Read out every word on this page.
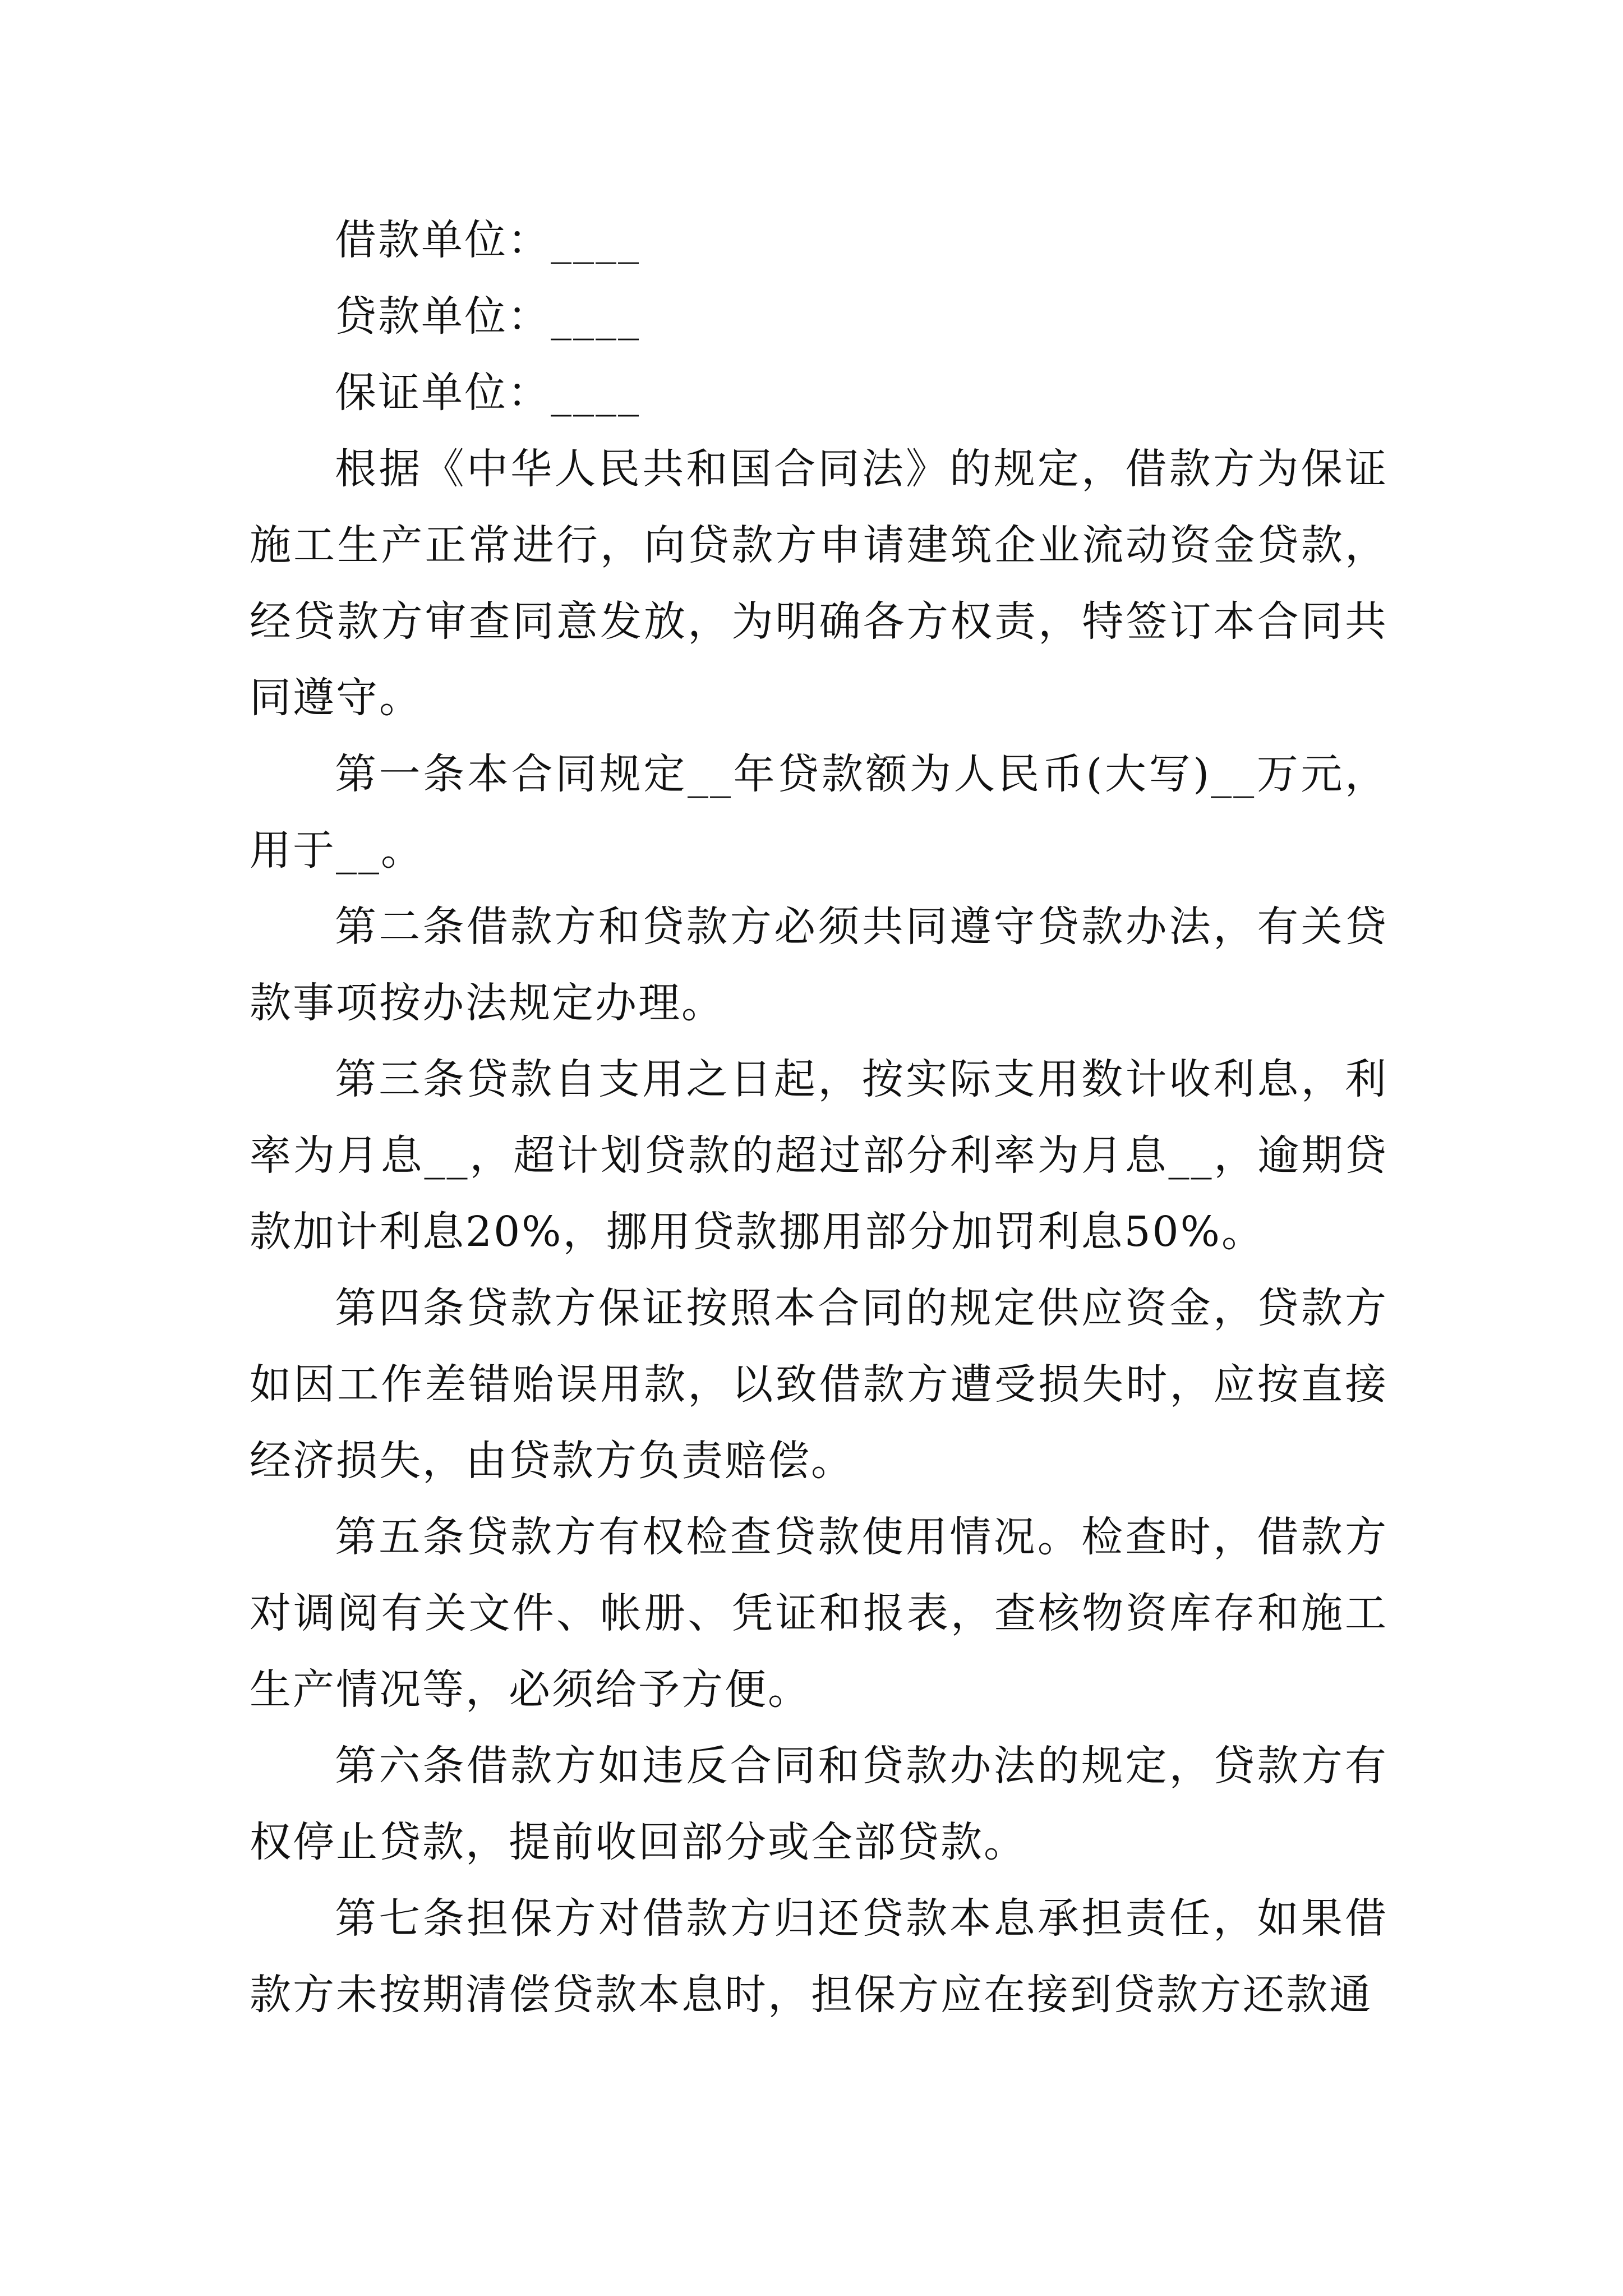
借款单位：____

贷款单位：____

保证单位：____

根据《中华人民共和国合同法》的规定，借款方为保证施工生产正常进行，向贷款方申请建筑企业流动资金贷款，经贷款方审查同意发放，为明确各方权责，特签订本合同共同遵守。

第一条本合同规定__年贷款额为人民币(大写)__万元，用于__。

第二条借款方和贷款方必须共同遵守贷款办法，有关贷款事项按办法规定办理。

第三条贷款自支用之日起，按实际支用数计收利息，利率为月息__，超计划贷款的超过部分利率为月息__，逾期贷款加计利息20%，挪用贷款挪用部分加罚利息50%。

第四条贷款方保证按照本合同的规定供应资金，贷款方如因工作差错贻误用款，以致借款方遭受损失时，应按直接经济损失，由贷款方负责赔偿。

第五条贷款方有权检查贷款使用情况。检查时，借款方对调阅有关文件、帐册、凭证和报表，查核物资库存和施工生产情况等，必须给予方便。

第六条借款方如违反合同和贷款办法的规定，贷款方有权停止贷款，提前收回部分或全部贷款。

第七条担保方对借款方归还贷款本息承担责任，如果借款方未按期清偿贷款本息时，担保方应在接到贷款方还款通
